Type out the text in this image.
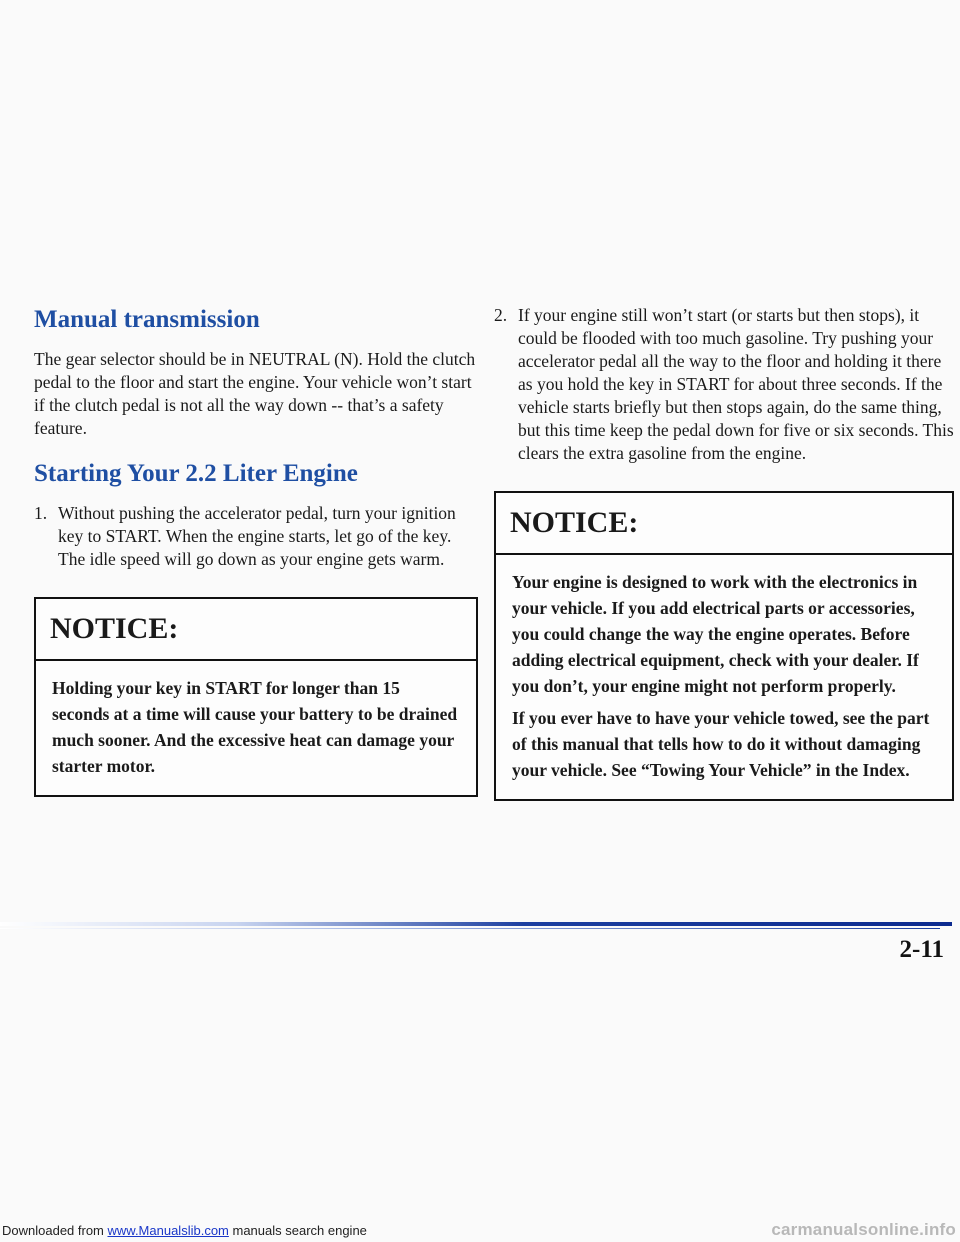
Manual transmission

The gear selector should be in NEUTRAL (N). Hold the clutch pedal to the floor and start the engine. Your vehicle won’t start if the clutch pedal is not all the way down -- that’s a safety feature.

Starting Your 2.2 Liter Engine
1. Without pushing the accelerator pedal, turn your ignition key to START. When the engine starts, let go of the key. The idle speed will go down as your engine gets warm.
NOTICE:

Holding your key in START for longer than 15 seconds at a time will cause your battery to be drained much sooner. And the excessive heat can damage your starter motor.

2. If your engine still won’t start (or starts but then stops), it could be flooded with too much gasoline. Try pushing your accelerator pedal all the way to the floor and holding it there as you hold the key in START for about three seconds. If the vehicle starts briefly but then stops again, do the same thing, but this time keep the pedal down for five or six seconds. This clears the extra gasoline from the engine.
NOTICE:

Your engine is designed to work with the electronics in your vehicle. If you add electrical parts or accessories, you could change the way the engine operates. Before adding electrical equipment, check with your dealer. If you don’t, your engine might not perform properly.

If you ever have to have your vehicle towed, see the part of this manual that tells how to do it without damaging your vehicle. See “Towing Your Vehicle” in the Index.

2-11
Downloaded from www.Manualslib.com manuals search engine	carmanualsonline.info
